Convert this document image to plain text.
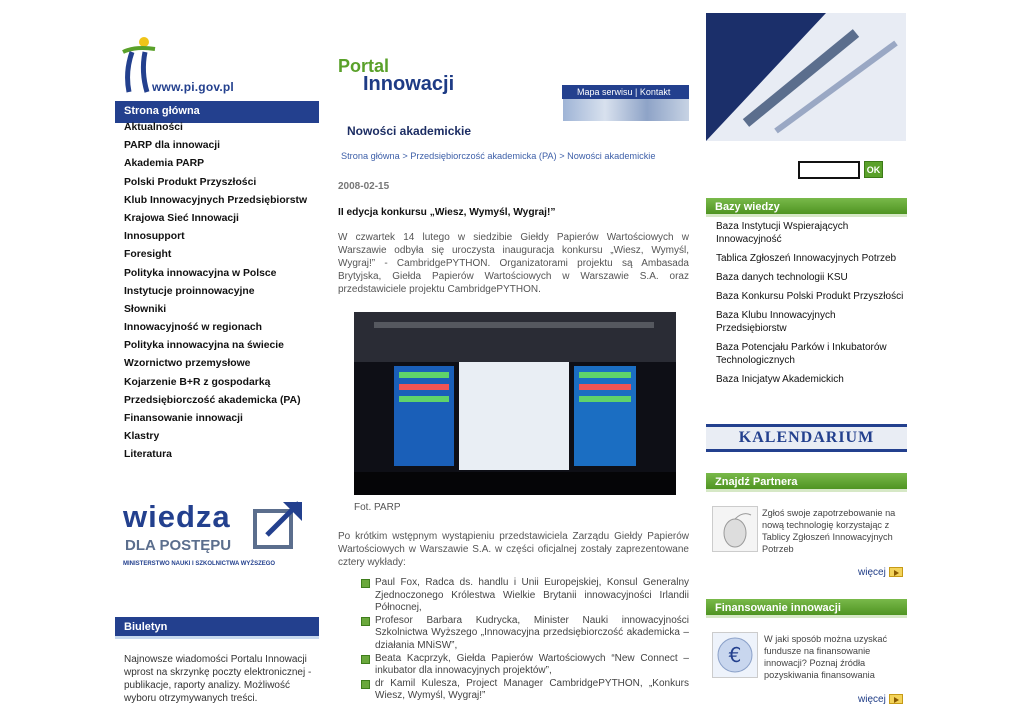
www.pi.gov.pl
Strona główna
Aktualności
PARP dla innowacji
Akademia PARP
Polski Produkt Przyszłości
Klub Innowacyjnych Przedsiębiorstw
Krajowa Sieć Innowacji
Innosupport
Foresight
Polityka innowacyjna w Polsce
Instytucje proinnowacyjne
Słowniki
Innowacyjność w regionach
Polityka innowacyjna na świecie
Wzornictwo przemysłowe
Kojarzenie B+R z gospodarką
Przedsiębiorczość akademicka (PA)
Finansowanie innowacji
Klastry
Literatura
wiedza
DLA POSTĘPU
MINISTERSTWO NAUKI I SZKOLNICTWA WYŻSZEGO
Biuletyn
Najnowsze wiadomości Portalu Innowacji wprost na skrzynkę poczty elektronicznej - publikacje, raporty analizy. Możliwość wyboru otrzymywanych treści.
Portal
Innowacji	Mapa serwisu | Kontakt
Nowości akademickie
Strona główna > Przedsiębiorczość akademicka (PA) > Nowości akademickie
2008-02-15
II edycja konkursu „Wiesz, Wymyśl, Wygraj!”
W czwartek 14 lutego w siedzibie Giełdy Papierów Wartościowych w Warszawie odbyła się uroczysta inauguracja konkursu „Wiesz, Wymyśl, Wygraj!” - CambridgePYTHON. Organizatorami projektu są Ambasada Brytyjska, Giełda Papierów Wartościowych w Warszawie S.A. oraz przedstawiciele projektu CambridgePYTHON.
Fot. PARP
Po krótkim wstępnym wystąpieniu przedstawiciela Zarządu Giełdy Papierów Wartościowych w Warszawie S.A. w części oficjalnej zostały zaprezentowane cztery wykłady:
Paul Fox, Radca ds. handlu i Unii Europejskiej, Konsul Generalny Zjednoczonego Królestwa Wielkie Brytanii innowacyjności Irlandii Północnej,
Profesor Barbara Kudrycka, Minister Nauki innowacyjności Szkolnictwa Wyższego „Innowacyjna przedsiębiorczość akademicka – działania MNiSW”,
Beata Kacprzyk, Giełda Papierów Wartościowych “New Connect – inkubator dla innowacyjnych projektów”,
dr Kamil Kulesza, Project Manager CambridgePYTHON, „Konkurs Wiesz, Wymyśl, Wygraj!”
OK
Bazy wiedzy
Baza Instytucji Wspierających Innowacyjność
Tablica Zgłoszeń Innowacyjnych Potrzeb
Baza danych technologii KSU
Baza Konkursu Polski Produkt Przyszłości
Baza Klubu Innowacyjnych Przedsiębiorstw
Baza Potencjału Parków i Inkubatorów Technologicznych
Baza Inicjatyw Akademickich
KALENDARIUM
Znajdź Partnera
Zgłoś swoje zapotrzebowanie na nową technologię korzystając z Tablicy Zgłoszeń Innowacyjnych Potrzeb
więcej
Finansowanie innowacji
€
W jaki sposób można uzyskać fundusze na finansowanie innowacji? Poznaj źródła pozyskiwania finansowania
więcej
